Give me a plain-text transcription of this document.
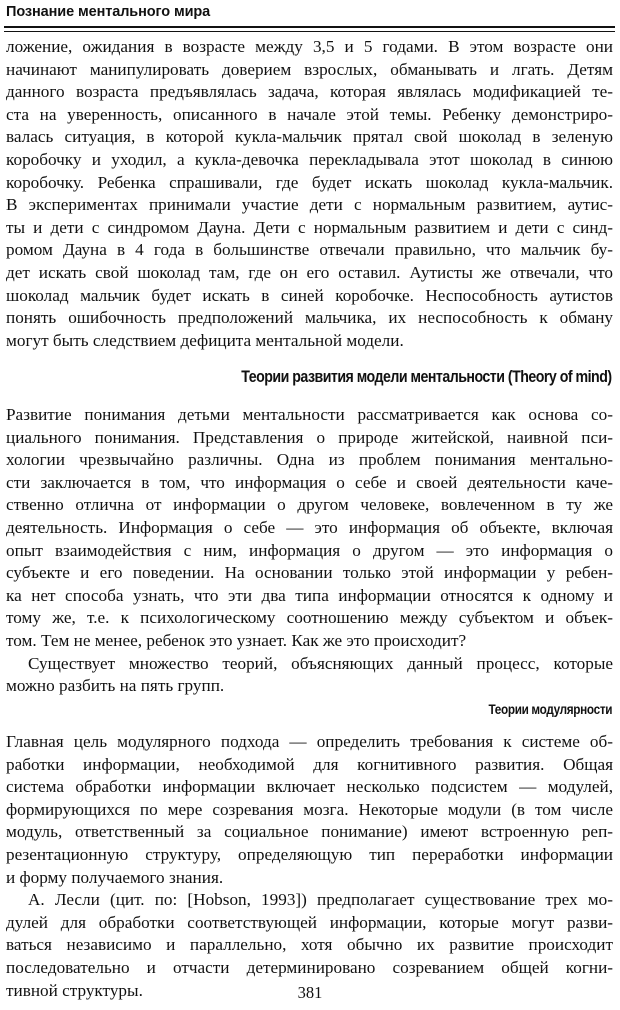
Познание ментального мира
ложение, ожидания в возрасте между 3,5 и 5 годами. В этом возрасте они
начинают манипулировать доверием взрослых, обманывать и лгать. Детям
данного возраста предъявлялась задача, которая являлась модификацией те-
ста на уверенность, описанного в начале этой темы. Ребенку демонстриро-
валась ситуация, в которой кукла-мальчик прятал свой шоколад в зеленую
коробочку и уходил, а кукла-девочка перекладывала этот шоколад в синюю
коробочку. Ребенка спрашивали, где будет искать шоколад кукла-мальчик.
В экспериментах принимали участие дети с нормальным развитием, аутис-
ты и дети с синдромом Дауна. Дети с нормальным развитием и дети с синд-
ромом Дауна в 4 года в большинстве отвечали правильно, что мальчик бу-
дет искать свой шоколад там, где он его оставил. Аутисты же отвечали, что
шоколад мальчик будет искать в синей коробочке. Неспособность аутистов
понять ошибочность предположений мальчика, их неспособность к обману
могут быть следствием дефицита ментальной модели.
Теории развития модели ментальности (Theory of mind)
Развитие понимания детьми ментальности рассматривается как основа со-
циального понимания. Представления о природе житейской, наивной пси-
хологии чрезвычайно различны. Одна из проблем понимания ментально-
сти заключается в том, что информация о себе и своей деятельности каче-
ственно отлична от информации о другом человеке, вовлеченном в ту же
деятельность. Информация о себе — это информация об объекте, включая
опыт взаимодействия с ним, информация о другом — это информация о
субъекте и его поведении. На основании только этой информации у ребен-
ка нет способа узнать, что эти два типа информации относятся к одному и
тому же, т.е. к психологическому соотношению между субъектом и объек-
том. Тем не менее, ребенок это узнает. Как же это происходит?
Существует множество теорий, объясняющих данный процесс, которые
можно разбить на пять групп.
Теории модулярности
Главная цель модулярного подхода — определить требования к системе об-
работки информации, необходимой для когнитивного развития. Общая
система обработки информации включает несколько подсистем — модулей,
формирующихся по мере созревания мозга. Некоторые модули (в том числе
модуль, ответственный за социальное понимание) имеют встроенную реп-
резентационную структуру, определяющую тип переработки информации
и форму получаемого знания.
А. Лесли (цит. по: [Hobson, 1993]) предполагает существование трех мо-
дулей для обработки соответствующей информации, которые могут разви-
ваться независимо и параллельно, хотя обычно их развитие происходит
последовательно и отчасти детерминировано созреванием общей когни-
тивной структуры.	381
